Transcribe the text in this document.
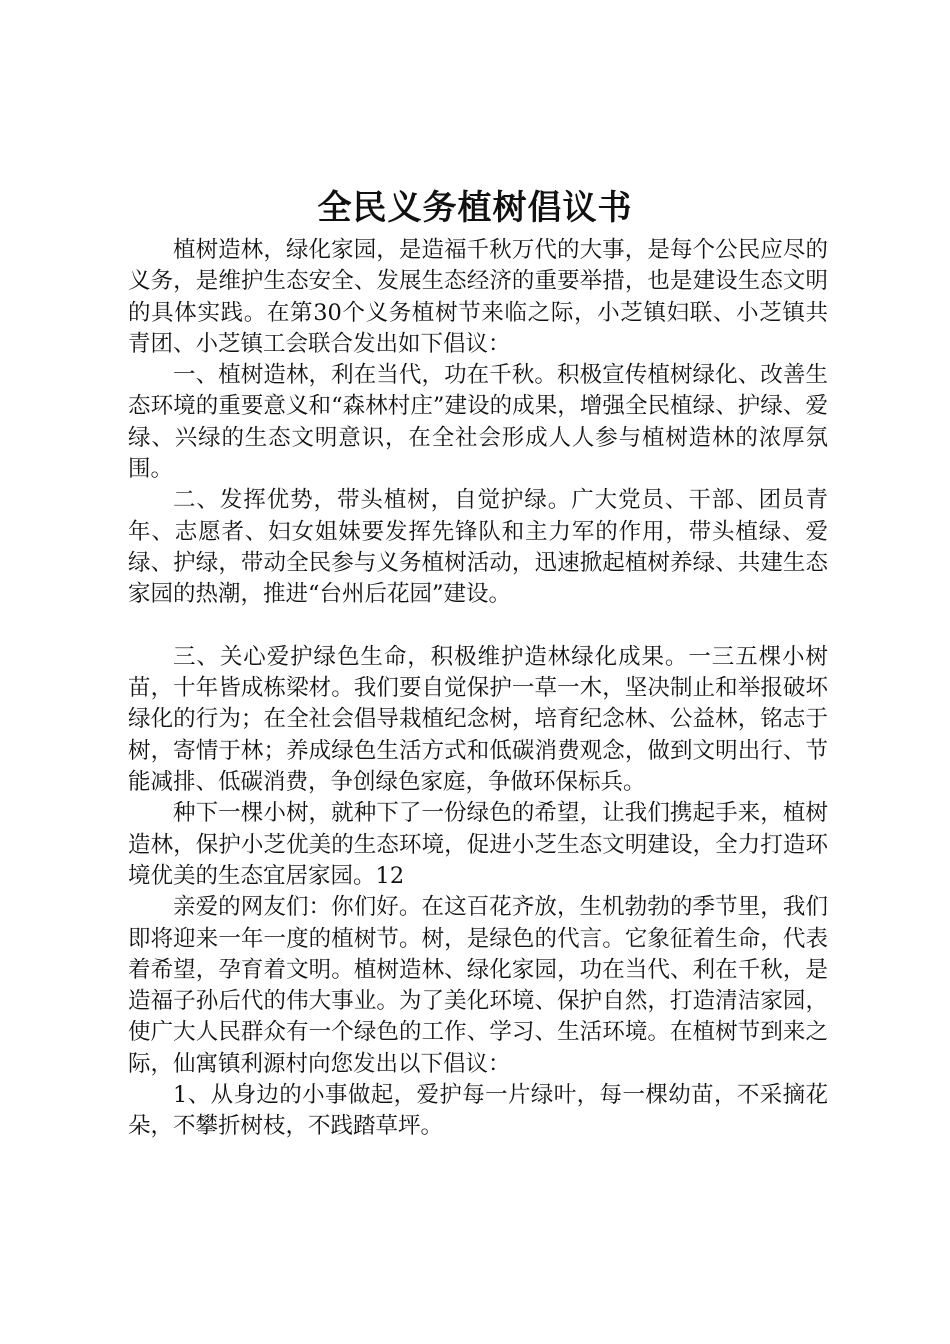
全民义务植树倡议书

植树造林，绿化家园，是造福千秋万代的大事，是每个公民应尽的义务，是维护生态安全、发展生态经济的重要举措，也是建设生态文明的具体实践。在第30个义务植树节来临之际，小芝镇妇联、小芝镇共青团、小芝镇工会联合发出如下倡议：

一、植树造林，利在当代，功在千秋。积极宣传植树绿化、改善生态环境的重要意义和“森林村庄”建设的成果，增强全民植绿、护绿、爱绿、兴绿的生态文明意识，在全社会形成人人参与植树造林的浓厚氛围。

二、发挥优势，带头植树，自觉护绿。广大党员、干部、团员青年、志愿者、妇女姐妹要发挥先锋队和主力军的作用，带头植绿、爱绿、护绿，带动全民参与义务植树活动，迅速掀起植树养绿、共建生态家园的热潮，推进“台州后花园”建设。

三、关心爱护绿色生命，积极维护造林绿化成果。一三五棵小树苗，十年皆成栋梁材。我们要自觉保护一草一木，坚决制止和举报破坏绿化的行为；在全社会倡导栽植纪念树，培育纪念林、公益林，铭志于树，寄情于林；养成绿色生活方式和低碳消费观念，做到文明出行、节能减排、低碳消费，争创绿色家庭，争做环保标兵。

种下一棵小树，就种下了一份绿色的希望，让我们携起手来，植树造林，保护小芝优美的生态环境，促进小芝生态文明建设，全力打造环境优美的生态宜居家园。12

亲爱的网友们：你们好。在这百花齐放，生机勃勃的季节里，我们即将迎来一年一度的植树节。树，是绿色的代言。它象征着生命，代表着希望，孕育着文明。植树造林、绿化家园，功在当代、利在千秋，是造福子孙后代的伟大事业。为了美化环境、保护自然，打造清洁家园，使广大人民群众有一个绿色的工作、学习、生活环境。在植树节到来之际，仙寓镇利源村向您发出以下倡议：

1、从身边的小事做起，爱护每一片绿叶，每一棵幼苗，不采摘花朵，不攀折树枝，不践踏草坪。
